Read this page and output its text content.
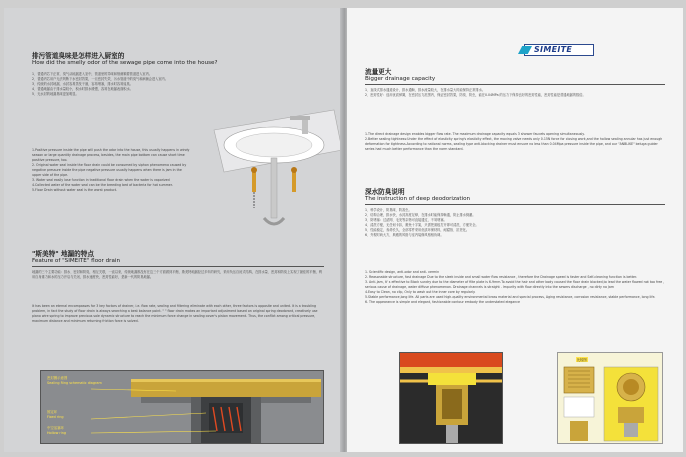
排污管道臭味是怎样进入厨室的
How did the smelly odor of the sewage pipe come into the house?

1、普通内芯下正常，臭气从地漏进入室中，管道里的异味和细菌顺着管道进入室内。

2、普通内芯用户无法判断下水密封效果，一旦密封失效，污水管道中的臭气和病菌会进入室内。

3、传统的水封地漏，水封容易蒸发干涸，容易堵塞，排水时容易返臭。

4、普通地漏由于排水量较小，积水时排水缓慢，容易在地漏表面积水。

5、无水封的地漏臭味更加明显。

1.Positive pressure inside the pipe will push the odor into the house, this usually happens in windy season or large quantity drainage process, besides, the main pipe bottom can cause short time positive pressure, too.

2. Original water seal inside the floor drain could be consumed by siphon phenomena caused by negative pressure inside the pipe negative pressure usually happens when there is jam in the upper side of the pipe.

3. Water seal easily lose function in traditional floor drain when the water is vaporized

4.Collected water of the water seal can be the breeding bed of bacteria for hot summer.

5.Floor Drain without water seal is the worst product.

"斯美特" 地漏的特点
Feature of "SIMEITE" floor drain
地漏的三个主要功能：排水、密封和防臭，相互关联，一直以来，传统地漏都没有在这三个方面做到平衡，斯美特地漏经过多年的研究，采用负压自闭式结构，在排水量、密封和防臭上实现了最佳的平衡，利用自身重力和水的压力开启与关闭，排水速度快，密封性能好，是新一代的防臭地漏。
It has been an eternal encompasses for 3 key factors of drainer, i.e. flow rate, sealing and filtering eliminate with each other, three factors is opposite and united. It is a troubling problem, in fact the study of floor drain is always searching a best balance point. " " floor drain makes an important adjustment based on original spring deodorant, creatively use piano wire spring to improve previous sole dynamic structure to reach the minimum force change in sealing cover's piston movement. Thus, the conflict among critical pressure, maximum distance and minimum returning friction force is solved.
密封圈示意图
Sealing Ring schematic diagram
固定环
Fixed ring
中空活塞环
Hollow ring
SIMEITE
流量更大
Bigger drainage capacity

1、直线式排水通道设计，排水通畅，排水流量较大，在排水量大时能保持正常排水。

2、密封性好：选用优质弹簧，在密封压力范围内，保证密封效果，防臭、防虫，能在0.04MPa 的压力下保持良好的密封性能，密封性能是普通地漏的数倍。

1.The direct drainage design enables bigger flow rate. The maximum drainage capacity equals 3 shower faucets opening simultaneously.

2.Better sealing tightness:Under the effect of elasticity spring's elasticity effect, the moving valve needs only 0.15N force for closing work,and the hollow sealing annular has just enough deformation for tightness.According to national norms, sealing type anti-blocking drainer must ensure no less than 0.04Mpa pressure inside the pipe, and our "ANBLIKE" beluga guider series had much better performance than the norm standard.

深水防臭说明
The instruction of deep deodorization

1、科学设计，防臭味、防害虫。

2、结构合理，排水快，水封高度足够，在排水时能保持畅通，防止排水倒灌。

3、防堵塞：过滤网、毛发等杂物可直接通过，不易堵塞。

4、清洗方便，无任何卡扣，避免十字架，只需把面板打开即可清洗，方便安全。

5、性能稳定，寿命长久，全部零件采用优质环保材料，耐腐蚀、抗老化。

6、外观时尚大方，典雅的风格与室内装修风格相协调。

1. Scientific design, anti-odor and anti- vermin

2. Reasonable structure, fast drainage Due to the sleek inside and small water flow resistance , therefore the Drainage speed is faster and Self-cleaning function is better.

3. Anti-Jam, it' s effective to Block sundry due to the diameter of filte plate is 6-9mm.To avoid the hair and other body caused the floor drain blocked,to lead the water flowed not too free , serious cause of drainage, water diffuse phenomenon. Drainage channels is straight . Impurity with flow directly into the sewers discharge , no dirty no Jam

4.Easy to Clean, no clip, Only to wash out the inner core by regularly.

5.Stable performance,long life. All parts are used high-quality environmental brass material and special process, Aging resistance, corrosion resistance, stable performance, long life.

6. The appearance is simple and elegant, fashionable contour embody the understated elegance

比较图
